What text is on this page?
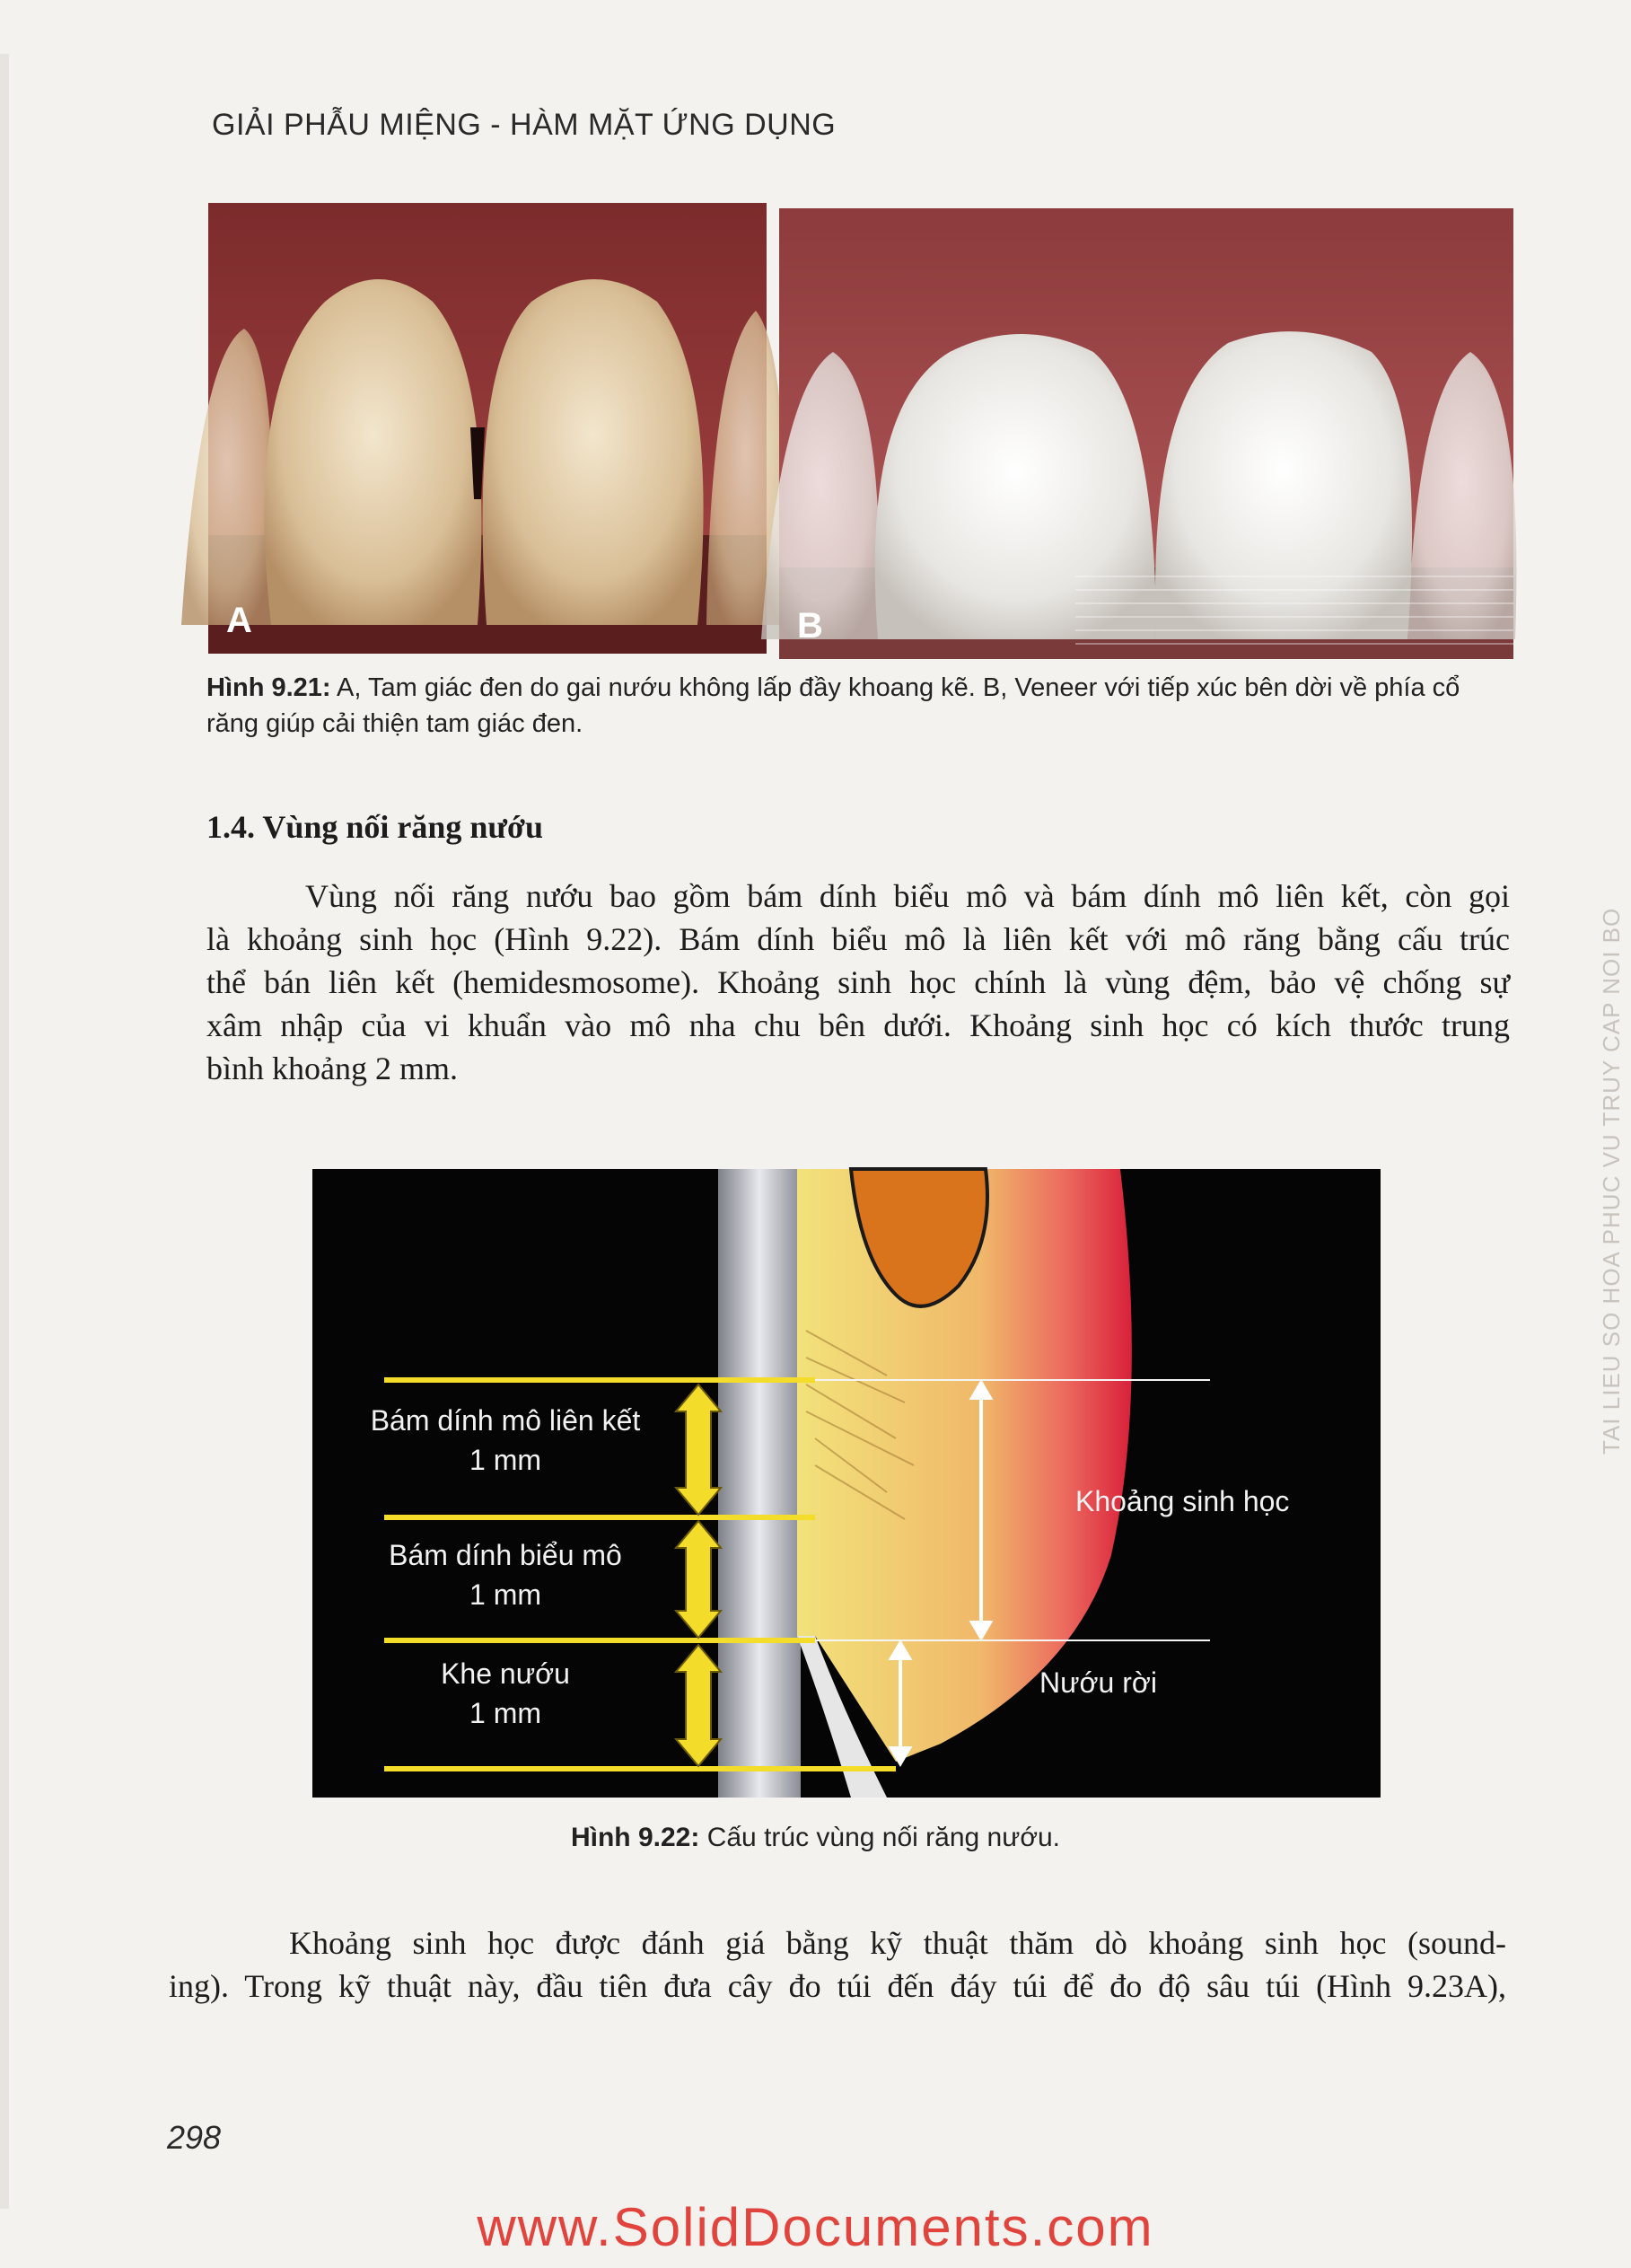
GIẢI PHẪU MIỆNG - HÀM MẶT ỨNG DỤNG
A	B
Hình 9.21: A, Tam giác đen do gai nướu không lấp đầy khoang kẽ. B, Veneer với tiếp xúc bên dời về phía cổ răng giúp cải thiện tam giác đen.
1.4. Vùng nối răng nướu
Vùng nối răng nướu bao gồm bám dính biểu mô và bám dính mô liên kết, còn gọi
là khoảng sinh học (Hình 9.22). Bám dính biểu mô là liên kết với mô răng bằng cấu trúc
thể bán liên kết (hemidesmosome). Khoảng sinh học chính là vùng đệm, bảo vệ chống sự
xâm nhập của vi khuẩn vào mô nha chu bên dưới. Khoảng sinh học có kích thước trung
bình khoảng 2 mm.
Bám dính mô liên kết
1 mm
Bám dính biểu mô
1 mm
Khe nướu
1 mm
Khoảng sinh học
Nướu rời
Hình 9.22: Cấu trúc vùng nối răng nướu.
Khoảng sinh học được đánh giá bằng kỹ thuật thăm dò khoảng sinh học (sound-
ing). Trong kỹ thuật này, đầu tiên đưa cây đo túi đến đáy túi để đo độ sâu túi (Hình 9.23A),
298
TAI LIEU SO HOA PHUC VU TRUY CAP NOI BO
www.SolidDocuments.com
